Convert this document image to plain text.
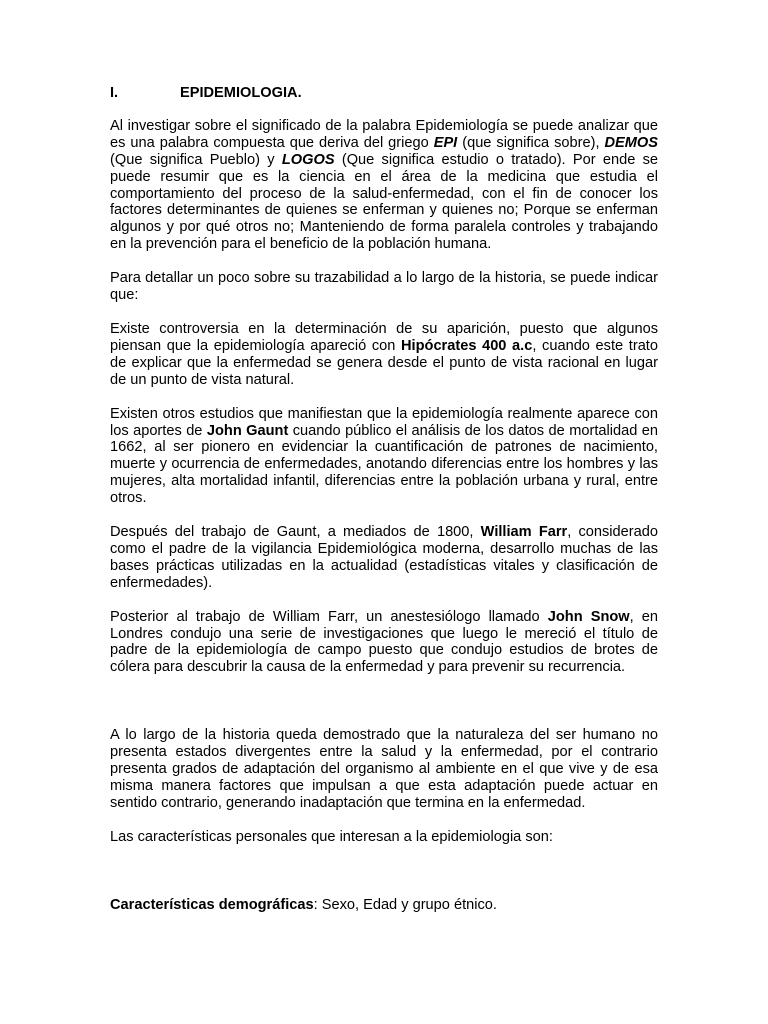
I.	EPIDEMIOLOGIA.

Al investigar sobre el significado de la palabra Epidemiología se puede analizar que es una palabra compuesta que deriva del griego EPI (que significa sobre), DEMOS (Que significa Pueblo) y LOGOS (Que significa estudio o tratado). Por ende se puede resumir que es la ciencia en el área de la medicina que estudia el comportamiento del proceso de la salud-enfermedad, con el fin de conocer los factores determinantes de quienes se enferman y quienes no; Porque se enferman algunos y por qué otros no; Manteniendo de forma paralela controles y trabajando en la prevención para el beneficio de la población humana.

Para detallar un poco sobre su trazabilidad a lo largo de la historia, se puede indicar que:

Existe controversia en la determinación de su aparición, puesto que algunos piensan que la epidemiología apareció con Hipócrates 400 a.c, cuando este trato de explicar que la enfermedad se genera desde el punto de vista racional en lugar de un punto de vista natural.

Existen otros estudios que manifiestan que la epidemiología realmente aparece con los aportes de John Gaunt cuando público el análisis de los datos de mortalidad en 1662, al ser pionero en evidenciar la cuantificación de patrones de nacimiento, muerte y ocurrencia de enfermedades, anotando diferencias entre los hombres y las mujeres, alta mortalidad infantil, diferencias entre la población urbana y rural, entre otros.

Después del trabajo de Gaunt, a mediados de 1800, William Farr, considerado como el padre de la vigilancia Epidemiológica moderna, desarrollo muchas de las bases prácticas utilizadas en la actualidad (estadísticas vitales y clasificación de enfermedades).

Posterior al trabajo de William Farr, un anestesiólogo llamado John Snow, en Londres condujo una serie de investigaciones que luego le mereció el título de padre de la epidemiología de campo puesto que condujo estudios de brotes de cólera para descubrir la causa de la enfermedad y para prevenir su recurrencia.

A lo largo de la historia queda demostrado que la naturaleza del ser humano no presenta estados divergentes entre la salud y la enfermedad, por el contrario presenta grados de adaptación del organismo al ambiente en el que vive y de esa misma manera factores que impulsan a que esta adaptación puede actuar en sentido contrario, generando inadaptación que termina en la enfermedad.

Las características personales que interesan a la epidemiologia son:

Características demográficas: Sexo, Edad y grupo étnico.
